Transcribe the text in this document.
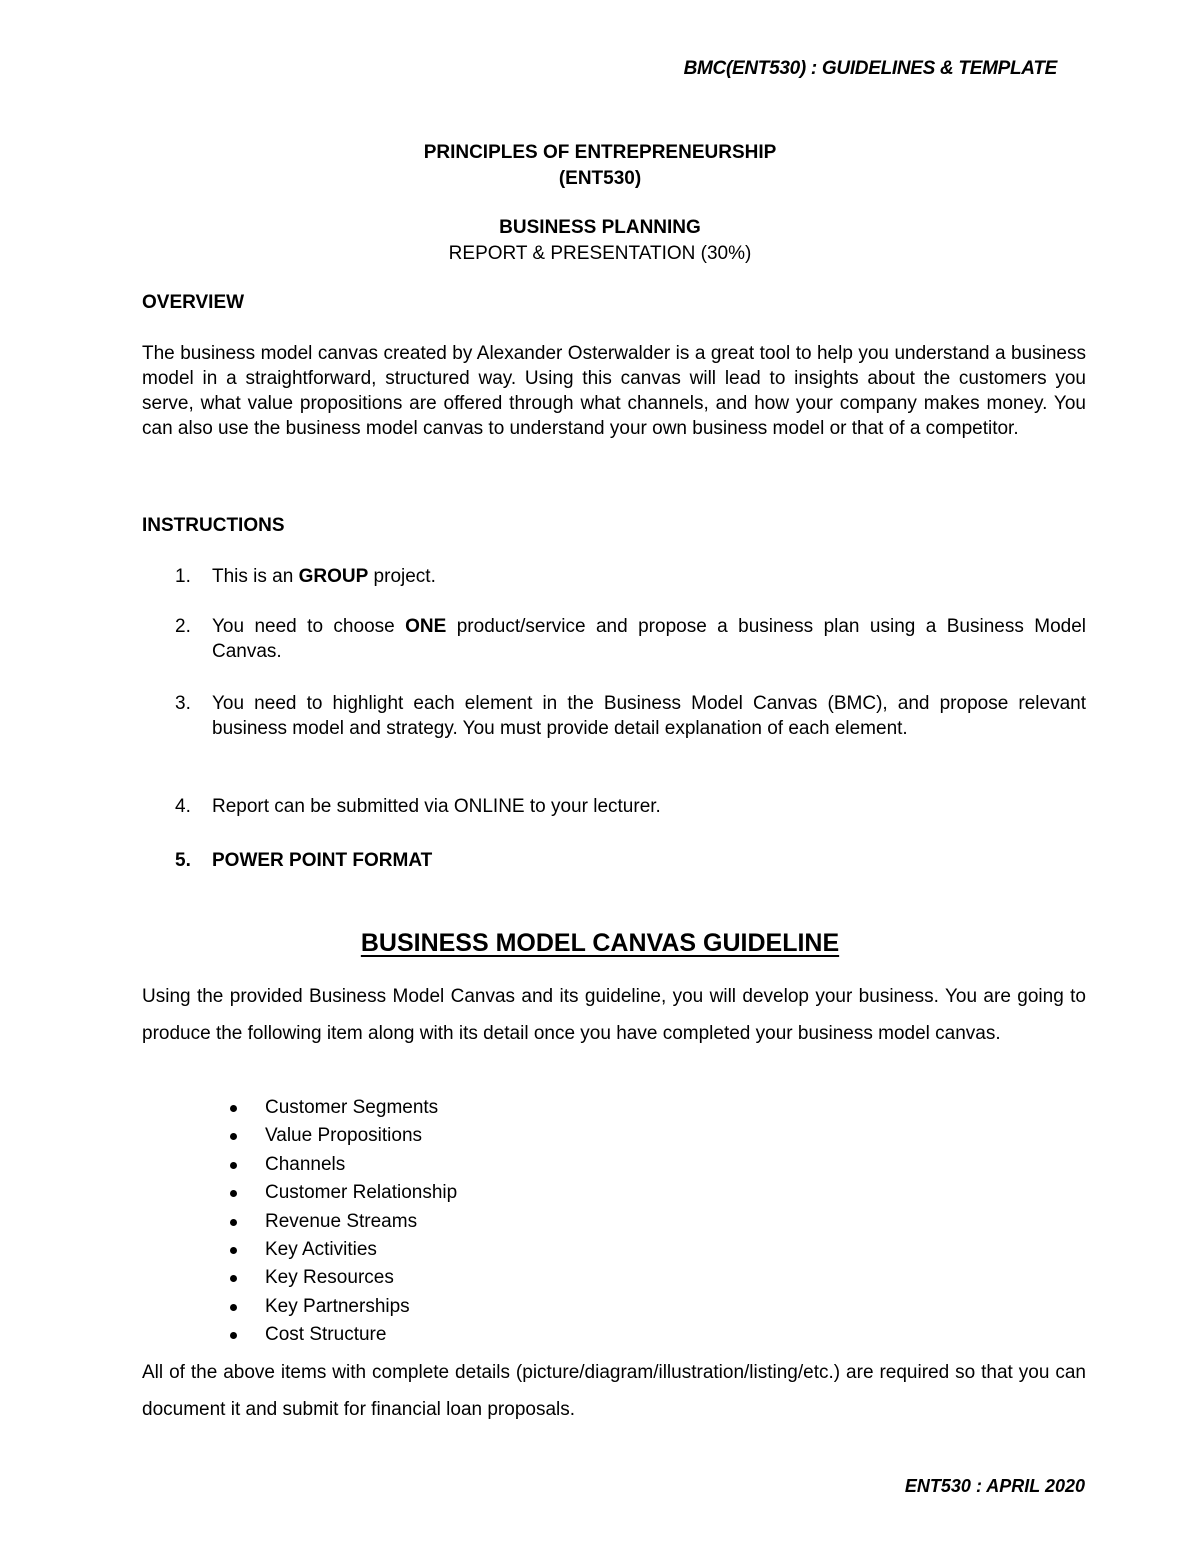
BMC(ENT530) : GUIDELINES & TEMPLATE
PRINCIPLES OF ENTREPRENEURSHIP
(ENT530)
BUSINESS PLANNING
REPORT & PRESENTATION (30%)
OVERVIEW
The business model canvas created by Alexander Osterwalder is a great tool to help you understand a business model in a straightforward, structured way. Using this canvas will lead to insights about the customers you serve, what value propositions are offered through what channels, and how your company makes money. You can also use the business model canvas to understand your own business model or that of a competitor.
INSTRUCTIONS
1. This is an GROUP project.
2. You need to choose ONE product/service and propose a business plan using a Business Model Canvas.
3. You need to highlight each element in the Business Model Canvas (BMC), and propose relevant business model and strategy. You must provide detail explanation of each element.
4. Report can be submitted via ONLINE to your lecturer.
5. POWER POINT FORMAT
BUSINESS MODEL CANVAS GUIDELINE
Using the provided Business Model Canvas and its guideline, you will develop your business. You are going to produce the following item along with its detail once you have completed your business model canvas.
Customer Segments
Value Propositions
Channels
Customer Relationship
Revenue Streams
Key Activities
Key Resources
Key Partnerships
Cost Structure
All of the above items with complete details (picture/diagram/illustration/listing/etc.) are required so that you can document it and submit for financial loan proposals.
ENT530 : APRIL 2020
